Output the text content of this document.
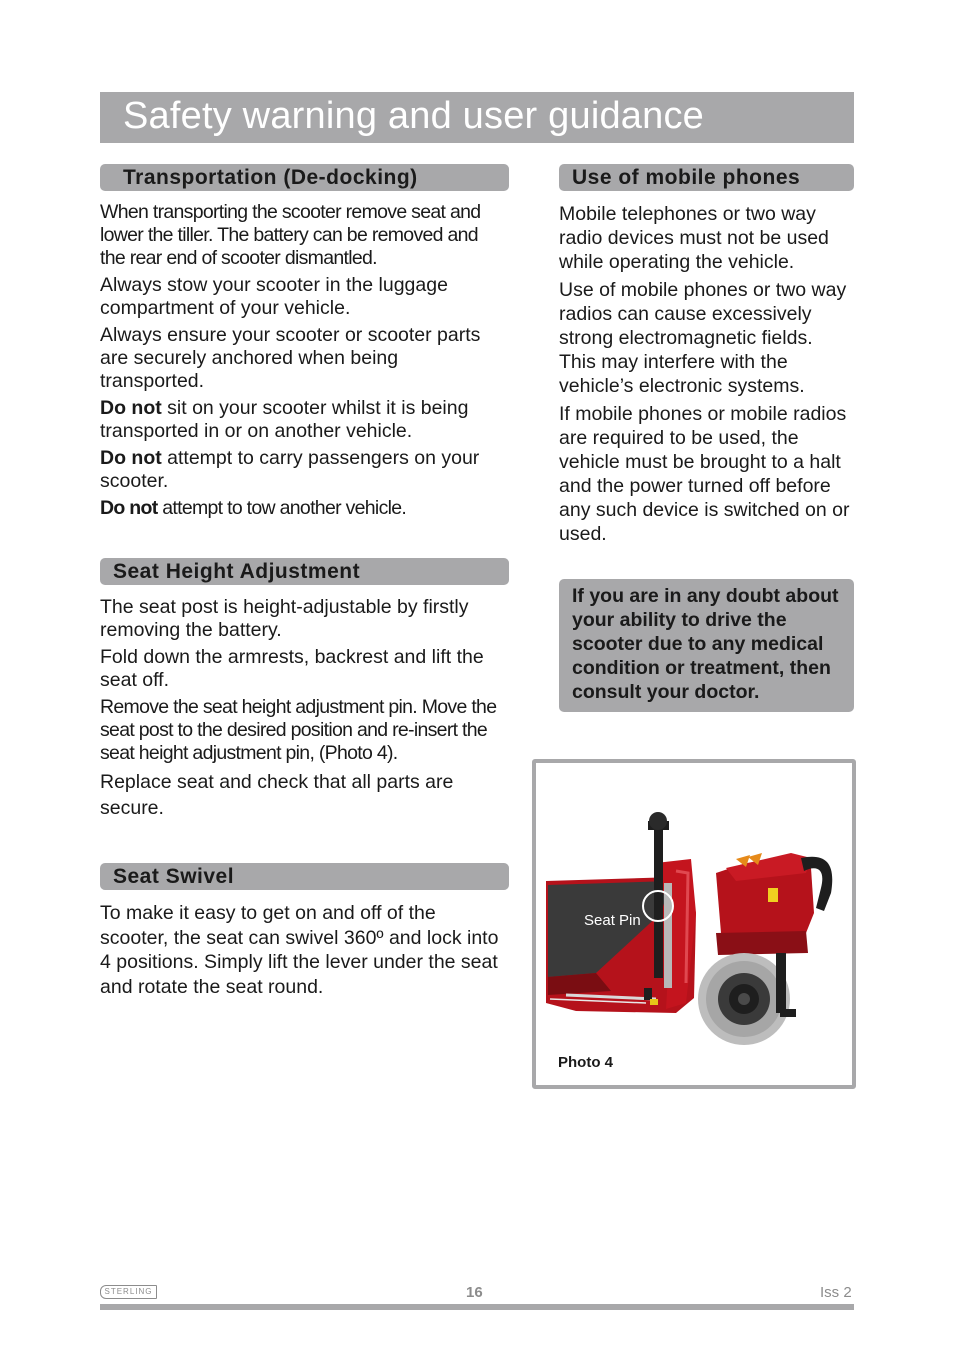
Safety warning and user guidance
Transportation (De-docking)

When transporting the scooter remove seat and lower the tiller. The battery can be removed and the rear end of scooter dismantled.

Always stow your scooter in the luggage compartment of your vehicle.

Always ensure your scooter or scooter parts are securely anchored when being transported.

Do not sit on your scooter whilst it is being transported in or on another vehicle.

Do not attempt to carry passengers on your scooter.

Do not attempt to tow another vehicle.

Seat Height Adjustment

The seat post is height-adjustable by firstly removing the battery.

Fold down the armrests, backrest and lift the seat off.

Remove the seat height adjustment pin. Move the seat post to the desired position and re-insert the seat height adjustment pin, (Photo 4).

Replace seat and check that all parts are secure.

Seat Swivel

To make it easy to get on and off of the scooter, the seat can swivel 360º and lock into 4 positions. Simply lift the lever under the seat and rotate the seat round.

Use of mobile phones

Mobile telephones or two way radio devices must not be used while operating the vehicle.

Use of mobile phones or two way radios can cause excessively strong electromagnetic fields. This may interfere with the vehicle’s electronic systems.

If mobile phones or mobile radios are required to be used, the vehicle must be brought to a halt and the power turned off before any such device is switched on or used.

If you are in any doubt about your ability to drive the scooter due to any medical condition or treatment, then consult your doctor.

Seat Pin
Photo 4
STERLING	16	Iss 2
